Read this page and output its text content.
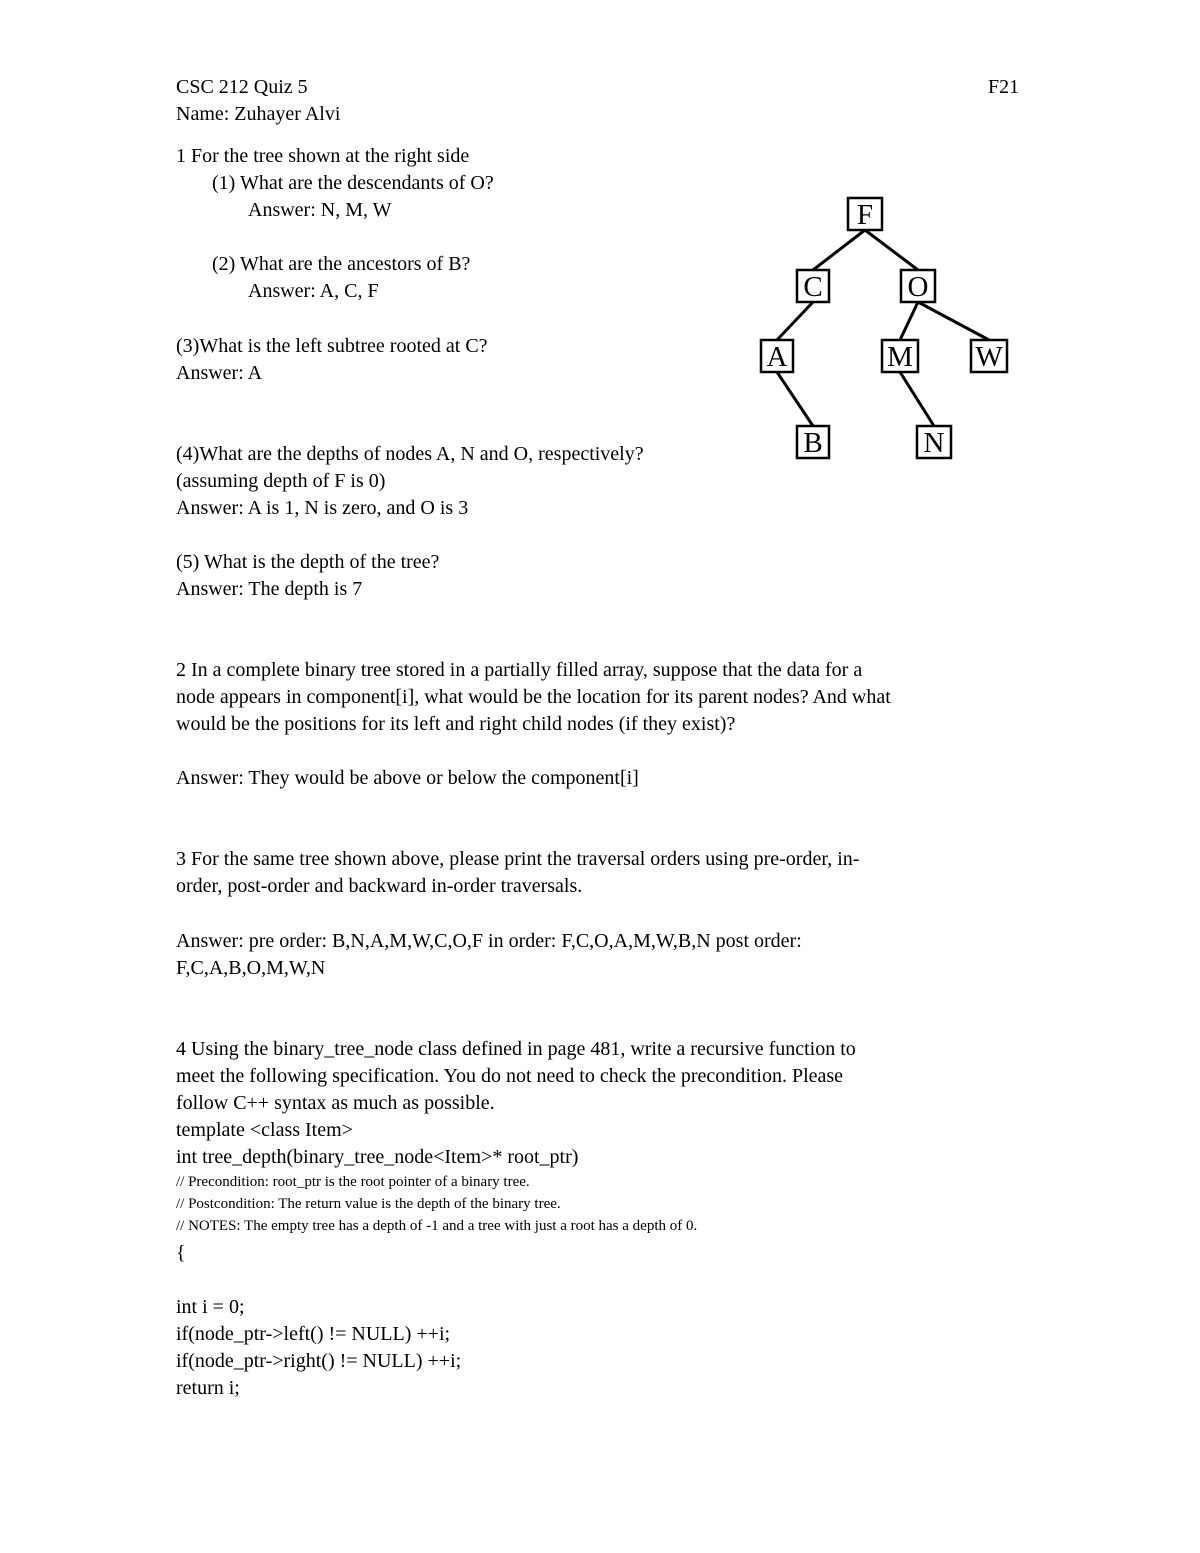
CSC 212 Quiz 5	F21
Name: Zuhayer Alvi
1 For the tree shown at the right side
(1) What are the descendants of O?
Answer: N, M, W
(2) What are the ancestors of B?
Answer: A, C, F
(3)What is the left subtree rooted at C?
Answer: A
(4)What are the depths of nodes A, N and O, respectively?
(assuming depth of F is 0)
Answer: A is 1, N is zero, and O is 3
(5) What is the depth of the tree?
Answer: The depth is 7
F
C	O
A	M W
B	N
2 In a complete binary tree stored in a partially filled array, suppose that the data for a
node appears in component[i], what would be the location for its parent nodes? And what
would be the positions for its left and right child nodes (if they exist)?
Answer: They would be above or below the component[i]
3 For the same tree shown above, please print the traversal orders using pre-order, in-
order, post-order and backward in-order traversals.
Answer: pre order: B,N,A,M,W,C,O,F in order: F,C,O,A,M,W,B,N post order:
F,C,A,B,O,M,W,N
4 Using the binary_tree_node class defined in page 481, write a recursive function to
meet the following specification. You do not need to check the precondition. Please
follow C++ syntax as much as possible.
template <class Item>
int tree_depth(binary_tree_node<Item>* root_ptr)
// Precondition: root_ptr is the root pointer of a binary tree.
// Postcondition: The return value is the depth of the binary tree.
// NOTES: The empty tree has a depth of -1 and a tree with just a root has a depth of 0.
{
int i = 0;
if(node_ptr->left() != NULL) ++i;
if(node_ptr->right() != NULL) ++i;
return i;
